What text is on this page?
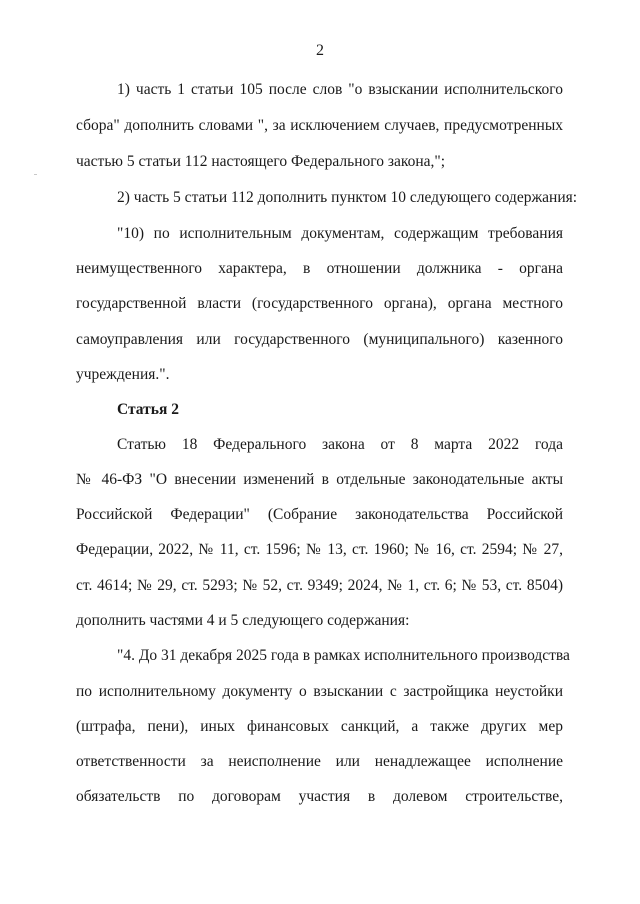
2
1) часть 1 статьи 105 после слов "о взыскании исполнительского
сбора" дополнить словами ", за исключением случаев, предусмотренных
частью 5 статьи 112 настоящего Федерального закона,";
2) часть 5 статьи 112 дополнить пунктом 10 следующего содержания:
"10) по исполнительным документам, содержащим требования
неимущественного характера, в отношении должника - органа
государственной власти (государственного органа), органа местного
самоуправления или государственного (муниципального) казенного
учреждения.".
Статья 2
Статью 18 Федерального закона от 8 марта 2022 года
№ 46-ФЗ "О внесении изменений в отдельные законодательные акты
Российской Федерации" (Собрание законодательства Российской
Федерации, 2022, № 11, ст. 1596; № 13, ст. 1960; № 16, ст. 2594; № 27,
ст. 4614; № 29, ст. 5293; № 52, ст. 9349; 2024, № 1, ст. 6; № 53, ст. 8504)
дополнить частями 4 и 5 следующего содержания:
"4. До 31 декабря 2025 года в рамках исполнительного производства
по исполнительному документу о взыскании с застройщика неустойки
(штрафа, пени), иных финансовых санкций, а также других мер
ответственности за неисполнение или ненадлежащее исполнение
обязательств по договорам участия в долевом строительстве,
